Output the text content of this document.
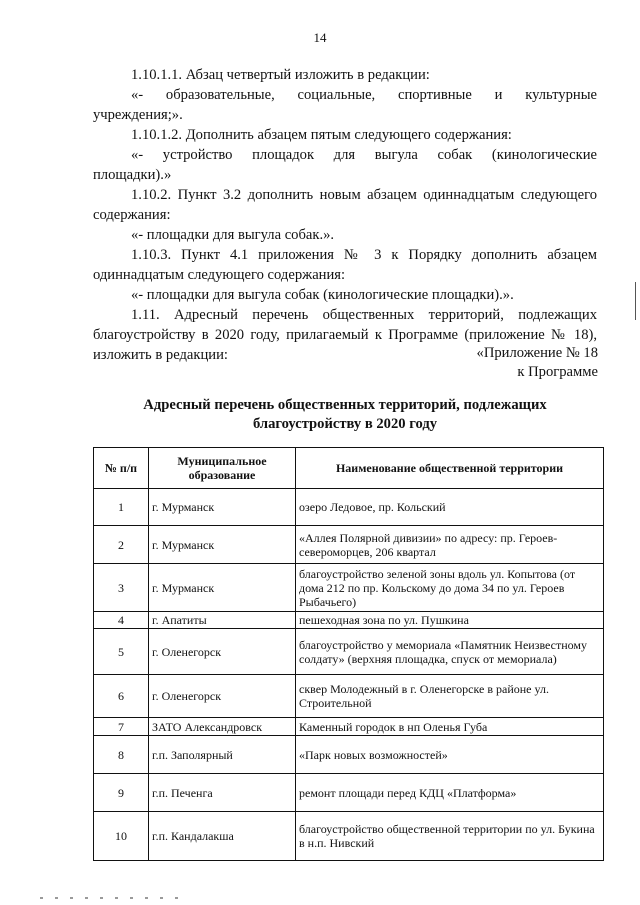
14

1.10.1.1. Абзац четвертый изложить в редакции:

«- образовательные, социальные, спортивные и культурные

учреждения;».

1.10.1.2. Дополнить абзацем пятым следующего содержания:

«- устройство площадок для выгула собак (кинологические

площадки).»

1.10.2. Пункт 3.2 дополнить новым абзацем одиннадцатым следующего

содержания:

«- площадки для выгула собак.».

1.10.3. Пункт 4.1 приложения № 3 к Порядку дополнить абзацем

одиннадцатым следующего содержания:

«- площадки для выгула собак (кинологические площадки).».

1.11. Адресный перечень общественных территорий, подлежащих

благоустройству в 2020 году, прилагаемый к Программе (приложение № 18),

изложить в редакции:	«Приложение № 18
к Программе
Адресный перечень общественных территорий, подлежащих
благоустройству в 2020 году
№ п/п	Муниципальное образование	Наименование общественной территории
1	г. Мурманск	озеро Ледовое, пр. Кольский
2	г. Мурманск	«Аллея Полярной дивизии» по адресу: пр. Героев-североморцев, 206 квартал
3	г. Мурманск	благоустройство зеленой зоны вдоль ул. Копытова (от дома 212 по пр. Кольскому до дома 34 по ул. Героев Рыбачьего)
4	г. Апатиты	пешеходная зона по ул. Пушкина
5	г. Оленегорск	благоустройство у мемориала «Памятник Неизвестному солдату» (верхняя площадка, спуск от мемориала)
6	г. Оленегорск	сквер Молодежный в г. Оленегорске в районе ул. Строительной
7	ЗАТО Александровск	Каменный городок в нп Оленья Губа
8	г.п. Заполярный	«Парк новых возможностей»
9	г.п. Печенга	ремонт площади перед КДЦ «Платформа»
10	г.п. Кандалакша	благоустройство общественной территории по ул. Букина в н.п. Нивский
